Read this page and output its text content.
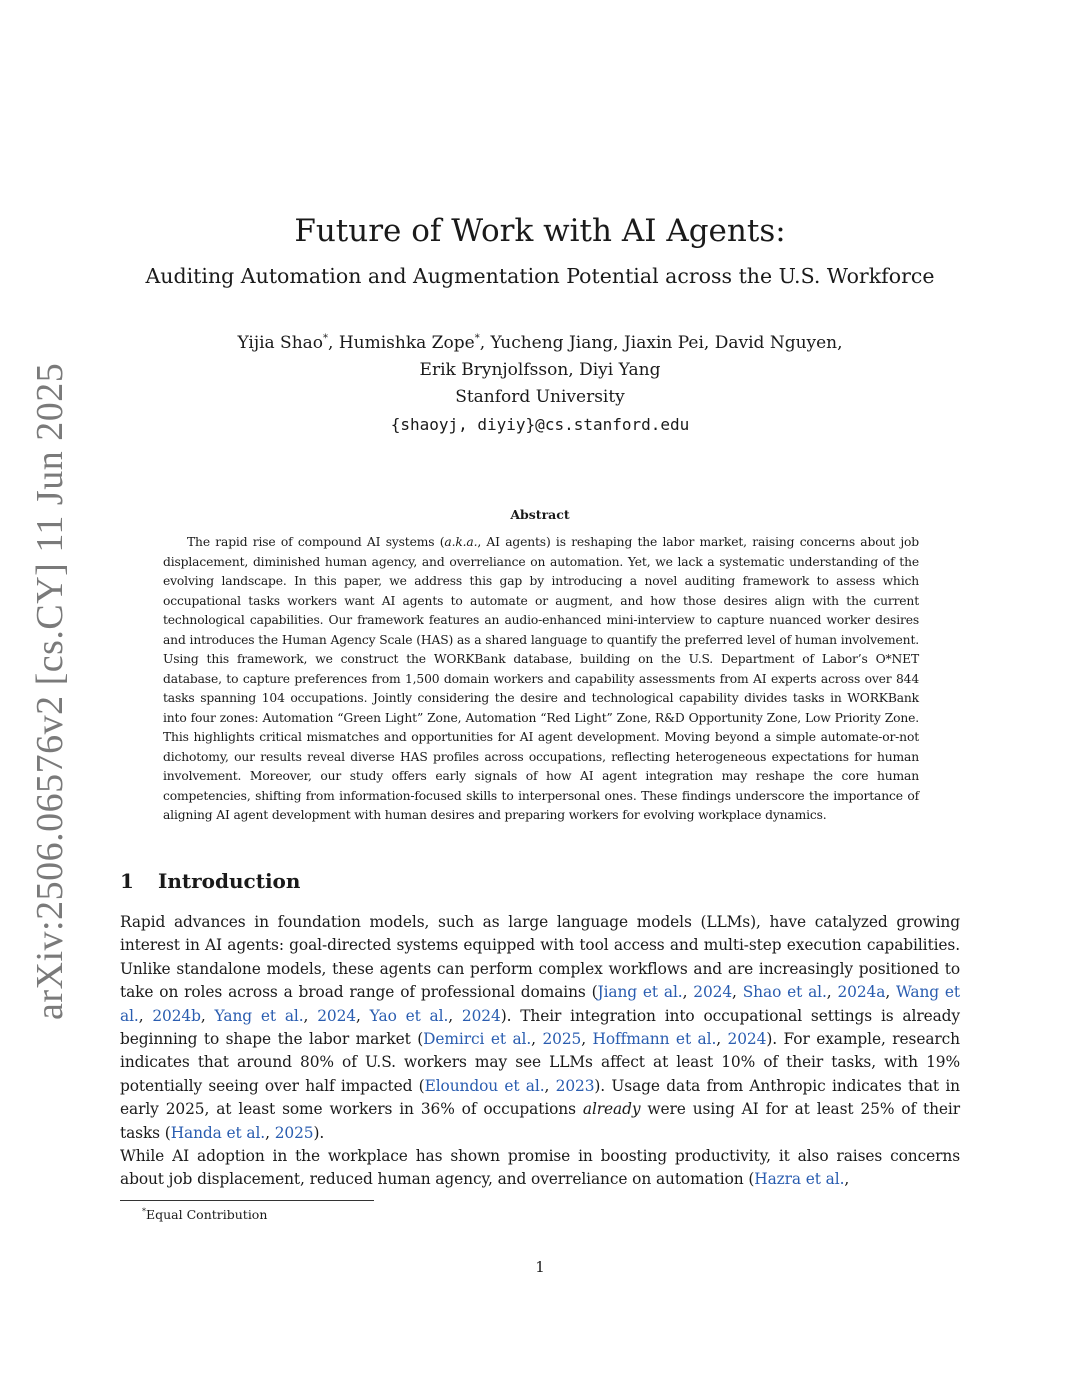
arXiv:2506.06576v2 [cs.CY] 11 Jun 2025
Future of Work with AI Agents:
Auditing Automation and Augmentation Potential across the U.S. Workforce
Yijia Shao*, Humishka Zope*, Yucheng Jiang, Jiaxin Pei, David Nguyen,
Erik Brynjolfsson, Diyi Yang
Stanford University
{shaoyj, diyiy}@cs.stanford.edu
Abstract
The rapid rise of compound AI systems (a.k.a., AI agents) is reshaping the labor market, raising concerns about job displacement, diminished human agency, and overreliance on automation. Yet, we lack a systematic understanding of the evolving landscape. In this paper, we address this gap by introducing a novel auditing framework to assess which occupational tasks workers want AI agents to automate or augment, and how those desires align with the current technological capabilities. Our framework features an audio-enhanced mini-interview to capture nuanced worker desires and introduces the Human Agency Scale (HAS) as a shared language to quantify the preferred level of human involvement. Using this framework, we construct the WORKBank database, building on the U.S. Department of Labor’s O*NET database, to capture preferences from 1,500 domain workers and capability assessments from AI experts across over 844 tasks spanning 104 occupations. Jointly considering the desire and technological capability divides tasks in WORKBank into four zones: Automation “Green Light” Zone, Automation “Red Light” Zone, R&D Opportunity Zone, Low Priority Zone. This highlights critical mismatches and opportunities for AI agent development. Moving beyond a simple automate-or-not dichotomy, our results reveal diverse HAS profiles across occupations, reflecting heterogeneous expectations for human involvement. Moreover, our study offers early signals of how AI agent integration may reshape the core human competencies, shifting from information-focused skills to interpersonal ones. These findings underscore the importance of aligning AI agent development with human desires and preparing workers for evolving workplace dynamics.
1 Introduction
Rapid advances in foundation models, such as large language models (LLMs), have catalyzed growing interest in AI agents: goal-directed systems equipped with tool access and multi-step execution capabilities. Unlike standalone models, these agents can perform complex workflows and are increasingly positioned to take on roles across a broad range of professional domains (Jiang et al., 2024, Shao et al., 2024a, Wang et al., 2024b, Yang et al., 2024, Yao et al., 2024). Their integration into occupational settings is already beginning to shape the labor market (Demirci et al., 2025, Hoffmann et al., 2024). For example, research indicates that around 80% of U.S. workers may see LLMs affect at least 10% of their tasks, with 19% potentially seeing over half impacted (Eloundou et al., 2023). Usage data from Anthropic indicates that in early 2025, at least some workers in 36% of occupations already were using AI for at least 25% of their tasks (Handa et al., 2025).
While AI adoption in the workplace has shown promise in boosting productivity, it also raises concerns about job displacement, reduced human agency, and overreliance on automation (Hazra et al.,
*Equal Contribution
1
